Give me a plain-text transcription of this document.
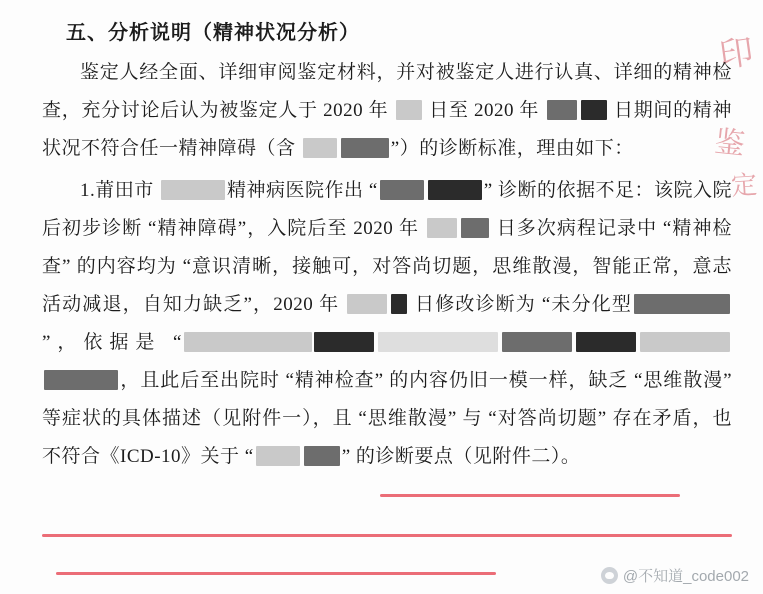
印
鉴
定
五、分析说明（精神状况分析）

鉴定人经全面、详细审阅鉴定材料，并对被鉴定人进行认真、详细的精神检查，充分讨论后认为被鉴定人于 2020 年  日至 2020 年	日期间的精神状况不符合任一精神障碍（含	”）的诊断标准，理由如下：

1.莆田市	精神病医院作出 “	” 诊断的依据不足：该院入院后初步诊断 “精神障碍”，入院后至 2020 年	日多次病程记录中 “精神检查” 的内容均为 “意识清晰，接触可，对答尚切题，思维散漫，智能正常，意志活动减退，自知力缺乏”，2020 年	日修改诊断为 “未分化型”，依据是 “，且此后至出院时 “精神检查” 的内容仍旧一模一样，缺乏 “思维散漫” 等症状的具体描述（见附件一），且 “思维散漫” 与 “对答尚切题” 存在矛盾，也不符合《ICD-10》关于 “	” 的诊断要点（见附件二）。

@不知道_code002
